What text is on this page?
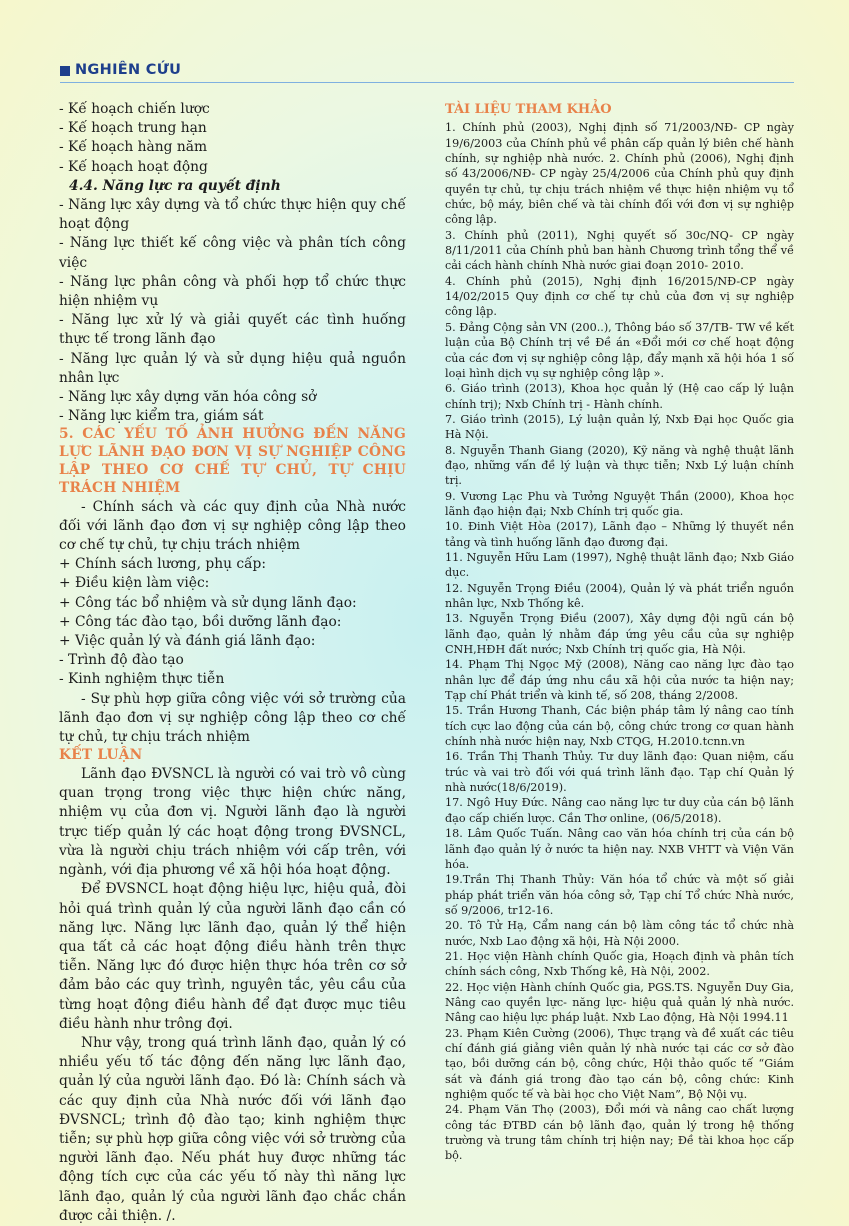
NGHIÊN CỨU

- Kế hoạch chiến lược

- Kế hoạch trung hạn

- Kế hoạch hàng năm

- Kế hoạch hoạt động

4.4. Năng lực ra quyết định

- Năng lực xây dựng và tổ chức thực hiện quy chế hoạt động

- Năng lực thiết kế công việc và phân tích công việc

- Năng lực phân công và phối hợp tổ chức thực hiện nhiệm vụ

- Năng lực xử lý và giải quyết các tình huống thực tế trong lãnh đạo

- Năng lực quản lý và sử dụng hiệu quả nguồn nhân lực

- Năng lực xây dựng văn hóa công sở

- Năng lực kiểm tra, giám sát

5. CÁC YẾU TỐ ẢNH HƯỞNG ĐẾN NĂNG LỰC LÃNH ĐẠO ĐƠN VỊ SỰ NGHIỆP CÔNG LẬP THEO CƠ CHẾ TỰ CHỦ, TỰ CHỊU TRÁCH NHIỆM

- Chính sách và các quy định của Nhà nước đối với lãnh đạo đơn vị sự nghiệp công lập theo cơ chế tự chủ, tự chịu trách nhiệm

+ Chính sách lương, phụ cấp:

+ Điều kiện làm việc:

+ Công tác bổ nhiệm và sử dụng lãnh đạo:

+ Công tác đào tạo, bồi dưỡng lãnh đạo:

+ Việc quản lý và đánh giá lãnh đạo:

- Trình độ đào tạo

- Kinh nghiệm thực tiễn

- Sự phù hợp giữa công việc với sở trường của lãnh đạo đơn vị sự nghiệp công lập theo cơ chế tự chủ, tự chịu trách nhiệm

KẾT LUẬN

Lãnh đạo ĐVSNCL là người có vai trò vô cùng quan trọng trong việc thực hiện chức năng, nhiệm vụ của đơn vị. Người lãnh đạo là người trực tiếp quản lý các hoạt động trong ĐVSNCL, vừa là người chịu trách nhiệm với cấp trên, với ngành, với địa phương về xã hội hóa hoạt động.

Để ĐVSNCL hoạt động hiệu lực, hiệu quả, đòi hỏi quá trình quản lý của người lãnh đạo cần có năng lực. Năng lực lãnh đạo, quản lý thể hiện qua tất cả các hoạt động điều hành trên thực tiễn. Năng lực đó được hiện thực hóa trên cơ sở đảm bảo các quy trình, nguyên tắc, yêu cầu của từng hoạt động điều hành để đạt được mục tiêu điều hành như trông đợi.

Như vậy, trong quá trình lãnh đạo, quản lý có nhiều yếu tố tác động đến năng lực lãnh đạo, quản lý của người lãnh đạo. Đó là: Chính sách và các quy định của Nhà nước đối với lãnh đạo ĐVSNCL; trình độ đào tạo; kinh nghiệm thực tiễn; sự phù hợp giữa công việc với sở trường của người lãnh đạo. Nếu phát huy được những tác động tích cực của các yếu tố này thì năng lực lãnh đạo, quản lý của người lãnh đạo chắc chắn được cải thiện. /.

TÀI LIỆU THAM KHẢO

1. Chính phủ (2003), Nghị định số 71/2003/NĐ- CP ngày 19/6/2003 của Chính phủ về phân cấp quản lý biên chế hành chính, sự nghiệp nhà nước. 2. Chính phủ (2006), Nghị định số 43/2006/NĐ- CP ngày 25/4/2006 của Chính phủ quy định quyền tự chủ, tự chịu trách nhiệm về thực hiện nhiệm vụ tổ chức, bộ máy, biên chế và tài chính đối với đơn vị sự nghiệp công lập.

3. Chính phủ (2011), Nghị quyết số 30c/NQ- CP ngày 8/11/2011 của Chính phủ ban hành Chương trình tổng thể về cải cách hành chính Nhà nước giai đoạn 2010- 2010.

4. Chính phủ (2015), Nghị định 16/2015/NĐ-CP ngày 14/02/2015 Quy định cơ chế tự chủ của đơn vị sự nghiệp công lập.

5. Đảng Cộng sản VN (200..), Thông báo số 37/TB- TW về kết luận của Bộ Chính trị về Đề án «Đổi mới cơ chế hoạt động của các đơn vị sự nghiệp công lập, đẩy mạnh xã hội hóa 1 số loại hình dịch vụ sự nghiệp công lập ».

6. Giáo trình (2013), Khoa học quản lý (Hệ cao cấp lý luận chính trị); Nxb Chính trị - Hành chính.

7. Giáo trình (2015), Lý luận quản lý, Nxb Đại học Quốc gia Hà Nội.

8. Nguyễn Thanh Giang (2020), Kỹ năng và nghệ thuật lãnh đạo, những vấn đề lý luận và thực tiễn; Nxb Lý luận chính trị.

9. Vương Lạc Phu và Tưởng Nguyệt Thần (2000), Khoa học lãnh đạo hiện đại; Nxb Chính trị quốc gia.

10. Đinh Việt Hòa (2017), Lãnh đạo – Những lý thuyết nền tảng và tình huống lãnh đạo đương đại.

11. Nguyễn Hữu Lam (1997), Nghệ thuật lãnh đạo; Nxb Giáo dục.

12. Nguyễn Trọng Điều (2004), Quản lý và phát triển nguồn nhân lực, Nxb Thống kê.

13. Nguyễn Trọng Điều (2007), Xây dựng đội ngũ cán bộ lãnh đạo, quản lý nhằm đáp ứng yêu cầu của sự nghiệp CNH,HĐH đất nước; Nxb Chính trị quốc gia, Hà Nội.

14. Phạm Thị Ngọc Mỹ (2008), Năng cao năng lực đào tạo nhân lực để đáp ứng nhu cầu xã hội của nước ta hiện nay; Tạp chí Phát triển và kinh tế, số 208, tháng 2/2008.

15. Trần Hương Thanh, Các biện pháp tâm lý nâng cao tính tích cực lao động của cán bộ, công chức trong cơ quan hành chính nhà nước hiện nay, Nxb CTQG, H.2010.tcnn.vn

16. Trần Thị Thanh Thủy. Tư duy lãnh đạo: Quan niệm, cấu trúc và vai trò đối với quá trình lãnh đạo. Tạp chí Quản lý nhà nước(18/6/2019).

17. Ngô Huy Đức. Nâng cao năng lực tư duy của cán bộ lãnh đạo cấp chiến lược. Cần Thơ online, (06/5/2018).

18. Lâm Quốc Tuấn. Nâng cao văn hóa chính trị của cán bộ lãnh đạo quản lý ở nước ta hiện nay. NXB VHTT và Viện Văn hóa.

19.Trần Thị Thanh Thủy: Văn hóa tổ chức và một số giải pháp phát triển văn hóa công sở, Tạp chí Tổ chức Nhà nước, số 9/2006, tr12-16.

20. Tô Tử Hạ, Cẩm nang cán bộ làm công tác tổ chức nhà nước, Nxb Lao động xã hội, Hà Nội 2000.

21. Học viện Hành chính Quốc gia, Hoạch định và phân tích chính sách công, Nxb Thống kê, Hà Nội, 2002.

22. Học viện Hành chính Quốc gia, PGS.TS. Nguyễn Duy Gia, Nâng cao quyền lực- năng lực- hiệu quả quản lý nhà nước. Nâng cao hiệu lực pháp luật. Nxb Lao động, Hà Nội 1994.11

23. Phạm Kiên Cường (2006), Thực trạng và đề xuất các tiêu chí đánh giá giảng viên quản lý nhà nước tại các cơ sở đào tạo, bồi dưỡng cán bộ, công chức, Hội thảo quốc tế “Giám sát và đánh giá trong đào tạo cán bộ, công chức: Kinh nghiệm quốc tế và bài học cho Việt Nam”, Bộ Nội vụ.

24. Phạm Văn Thọ (2003), Đổi mới và nâng cao chất lượng công tác ĐTBD cán bộ lãnh đạo, quản lý trong hệ thống trường và trung tâm chính trị hiện nay; Đề tài khoa học cấp bộ.
